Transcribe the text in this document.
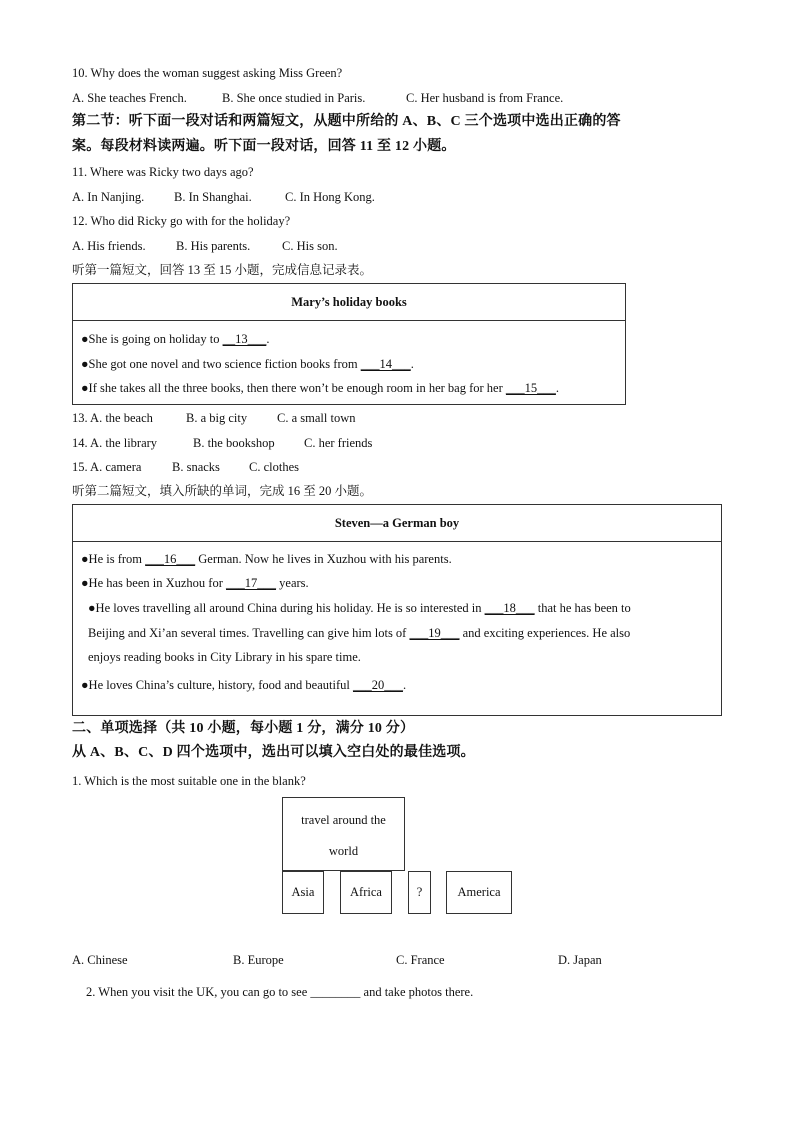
10. Why does the woman suggest asking Miss Green?
A. She teaches French.	B. She once studied in Paris.	C. Her husband is from France.
第二节：听下面一段对话和两篇短文，从题中所给的 A、B、C 三个选项中选出正确的答
案。每段材料读两遍。听下面一段对话，回答 11 至 12 小题。
11. Where was Ricky two days ago?
A. In Nanjing. B. In Shanghai.	C. In Hong Kong.
12. Who did Ricky go with for the holiday?
A. His friends. B. His parents.	C. His son.
听第一篇短文，回答 13 至 15 小题，完成信息记录表。
Mary’s holiday books
●She is going on holiday to __13___.
●She got one novel and two science fiction books from ___14___.
●If she takes all the three books, then there won’t be enough room in her bag for her ___15___.
13. A. the beach	B. a big city C. a small town
14. A. the library	B. the bookshop C. her friends
15. A. camera B. snacks C. clothes
听第二篇短文，填入所缺的单词，完成 16 至 20 小题。
Steven—a German boy
●He is from ___16___ German. Now he lives in Xuzhou with his parents.
●He has been in Xuzhou for ___17___ years.
●He loves travelling all around China during his holiday. He is so interested in ___18___ that he has been to
Beijing and Xi’an several times. Travelling can give him lots of ___19___ and exciting experiences. He also
enjoys reading books in City Library in his spare time.
●He loves China’s culture, history, food and beautiful ___20___.
二、单项选择（共 10 小题，每小题 1 分，满分 10 分）
从 A、B、C、D 四个选项中，选出可以填入空白处的最佳选项。
1. Which is the most suitable one in the blank?
travel around the
world
Asia	Africa	?	America
A. Chinese	B. Europe	C. France	D. Japan
2. When you visit the UK, you can go to see ________ and take photos there.
